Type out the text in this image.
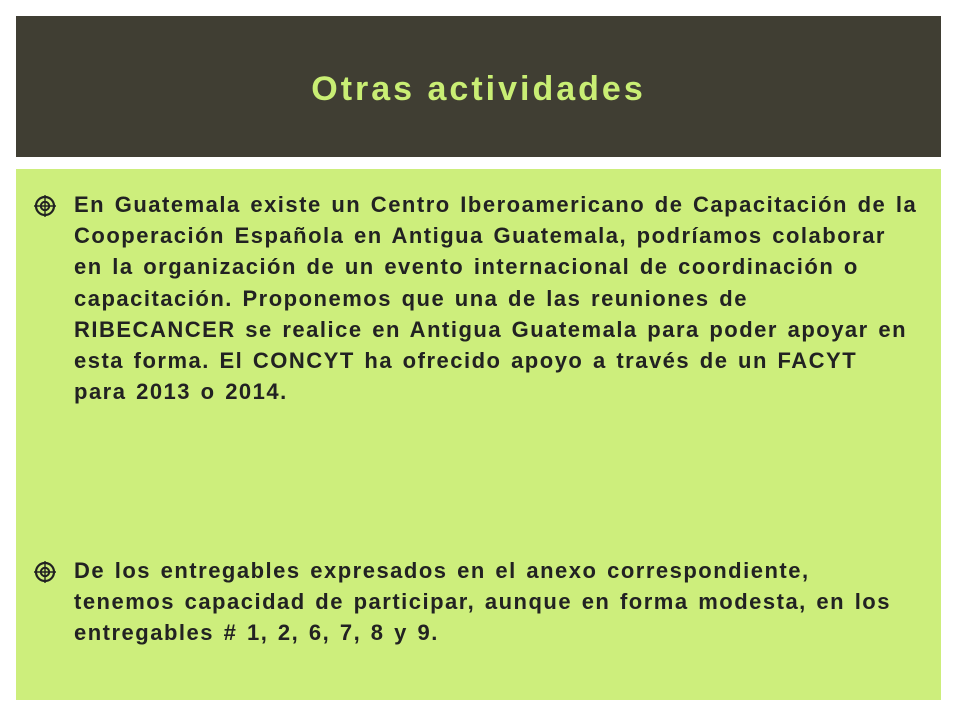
Otras actividades

En Guatemala existe un Centro Iberoamericano de Capacitación de la Cooperación Española en Antigua Guatemala, podríamos colaborar en la organización de un evento internacional de coordinación o capacitación. Proponemos que una de las reuniones de RIBECANCER se realice en Antigua Guatemala para poder apoyar en esta forma. El CONCYT ha ofrecido apoyo a través de un FACYT para 2013 o 2014.

De los entregables expresados en el anexo correspondiente, tenemos capacidad de participar, aunque en forma modesta, en los entregables # 1, 2, 6, 7, 8 y 9.
